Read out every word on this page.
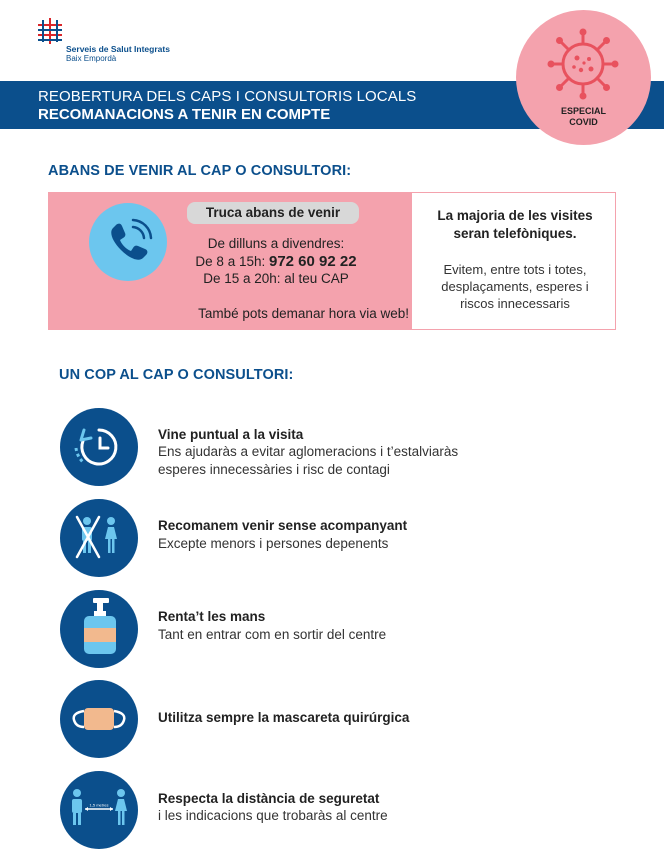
Serveis de Salut Integrats
Baix Empordà
REOBERTURA DELS CAPS I CONSULTORIS LOCALS
RECOMANACIONS A TENIR EN COMPTE	ESPECIAL
COVID
ABANS DE VENIR AL CAP O CONSULTORI:
Truca abans de venir
De dilluns a divendres:
De 8 a 15h: 972 60 92 22
De 15 a 20h: al teu CAP
També pots demanar hora via web!
La majoria de les visites
seran telefòniques.
Evitem, entre tots i totes,
desplaçaments, esperes i
riscos innecessaris
UN COP AL CAP O CONSULTORI:
Vine puntual a la visita
Ens ajudaràs a evitar aglomeracions i t’estalviaràs
esperes innecessàries i risc de contagi
Recomanem venir sense acompanyant
Excepte menors i persones depenents
Renta’t les mans
Tant en entrar com en sortir del centre
Utilitza sempre la mascareta quirúrgica
1,5 metres	Respecta la distància de seguretat
i les indicacions que trobaràs al centre
